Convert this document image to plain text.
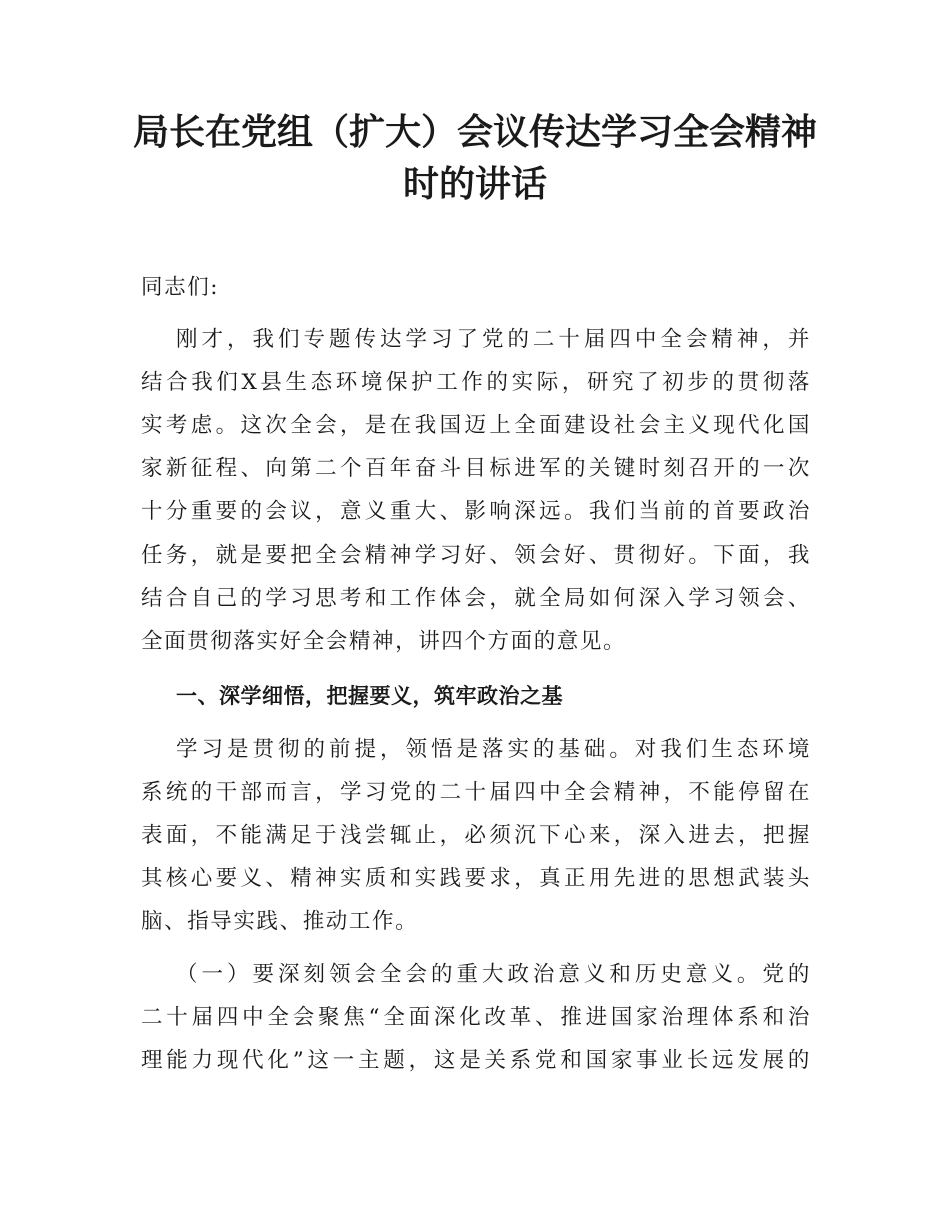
局长在党组（扩大）会议传达学习全会精神
时的讲话

同志们:

刚才，我们专题传达学习了党的二十届四中全会精神，并

结合我们X县生态环境保护工作的实际，研究了初步的贯彻落

实考虑。这次全会，是在我国迈上全面建设社会主义现代化国

家新征程、向第二个百年奋斗目标进军的关键时刻召开的一次

十分重要的会议，意义重大、影响深远。我们当前的首要政治

任务，就是要把全会精神学习好、领会好、贯彻好。下面，我

结合自己的学习思考和工作体会，就全局如何深入学习领会、

全面贯彻落实好全会精神，讲四个方面的意见。

一、深学细悟，把握要义，筑牢政治之基

学习是贯彻的前提，领悟是落实的基础。对我们生态环境

系统的干部而言，学习党的二十届四中全会精神，不能停留在

表面，不能满足于浅尝辄止，必须沉下心来，深入进去，把握

其核心要义、精神实质和实践要求，真正用先进的思想武装头

脑、指导实践、推动工作。

（一）要深刻领会全会的重大政治意义和历史意义。党的

二十届四中全会聚焦“全面深化改革、推进国家治理体系和治

理能力现代化”这一主题，这是关系党和国家事业长远发展的
